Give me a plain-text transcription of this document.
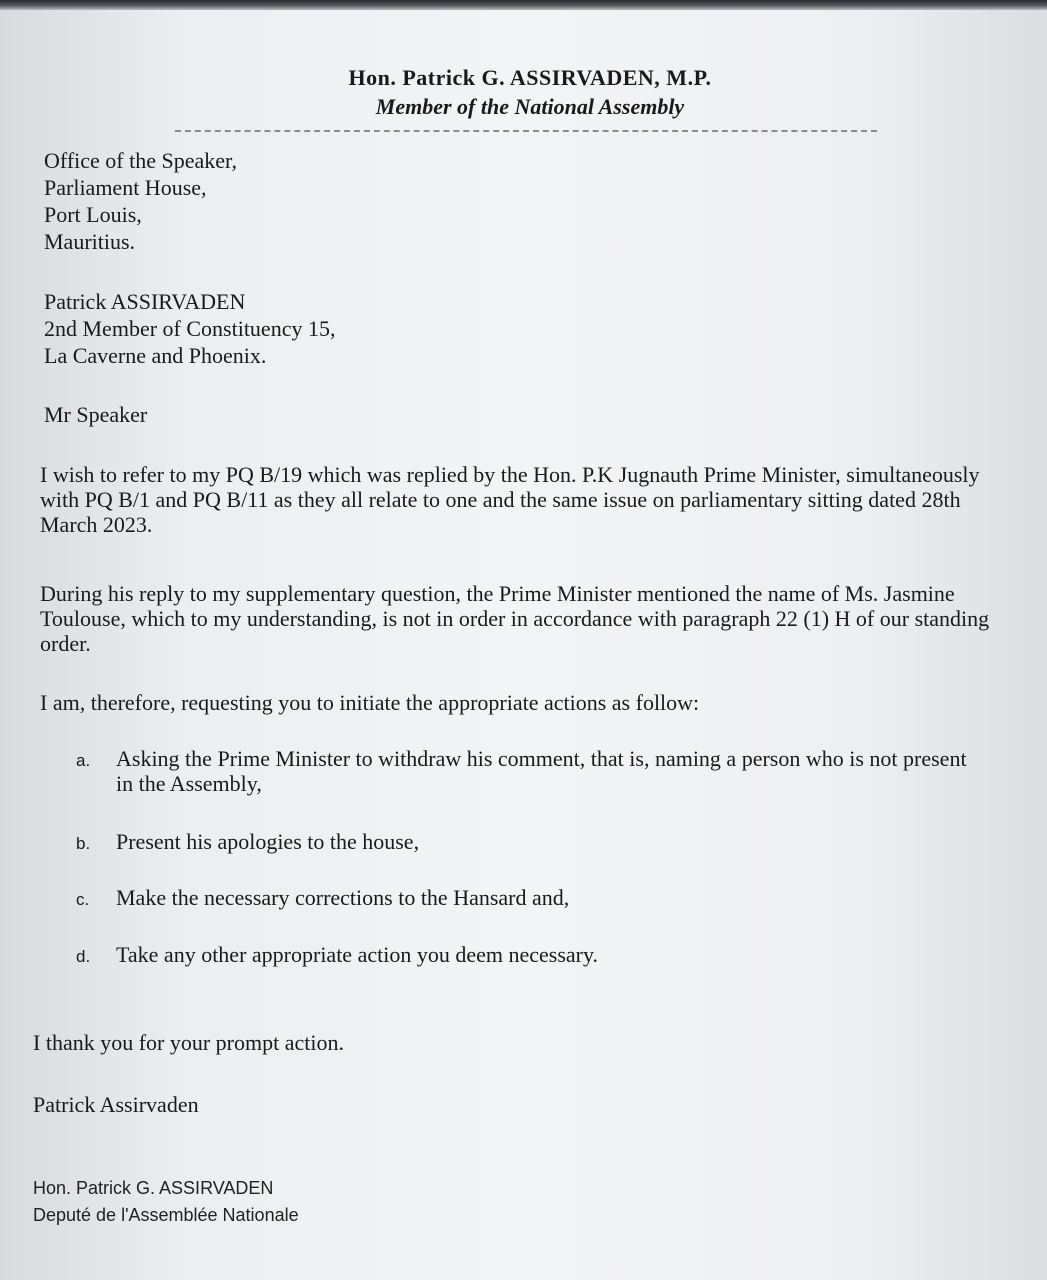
Hon. Patrick G. ASSIRVADEN, M.P.
Member of the National Assembly
Office of the Speaker,
Parliament House,
Port Louis,
Mauritius.
Patrick ASSIRVADEN
2nd Member of Constituency 15,
La Caverne and Phoenix.
Mr Speaker
I wish to refer to my PQ B/19 which was replied by the Hon. P.K Jugnauth Prime Minister, simultaneously with PQ B/1 and PQ B/11 as they all relate to one and the same issue on parliamentary sitting dated 28th March 2023.
During his reply to my supplementary question, the Prime Minister mentioned the name of Ms. Jasmine Toulouse, which to my understanding, is not in order in accordance with paragraph 22 (1) H of our standing order.
I am, therefore, requesting you to initiate the appropriate actions as follow:
a. Asking the Prime Minister to withdraw his comment, that is, naming a person who is not present in the Assembly,
b. Present his apologies to the house,
c. Make the necessary corrections to the Hansard and,
d. Take any other appropriate action you deem necessary.
I thank you for your prompt action.
Patrick Assirvaden
Hon. Patrick G. ASSIRVADEN
Deputé de l'Assemblée Nationale
